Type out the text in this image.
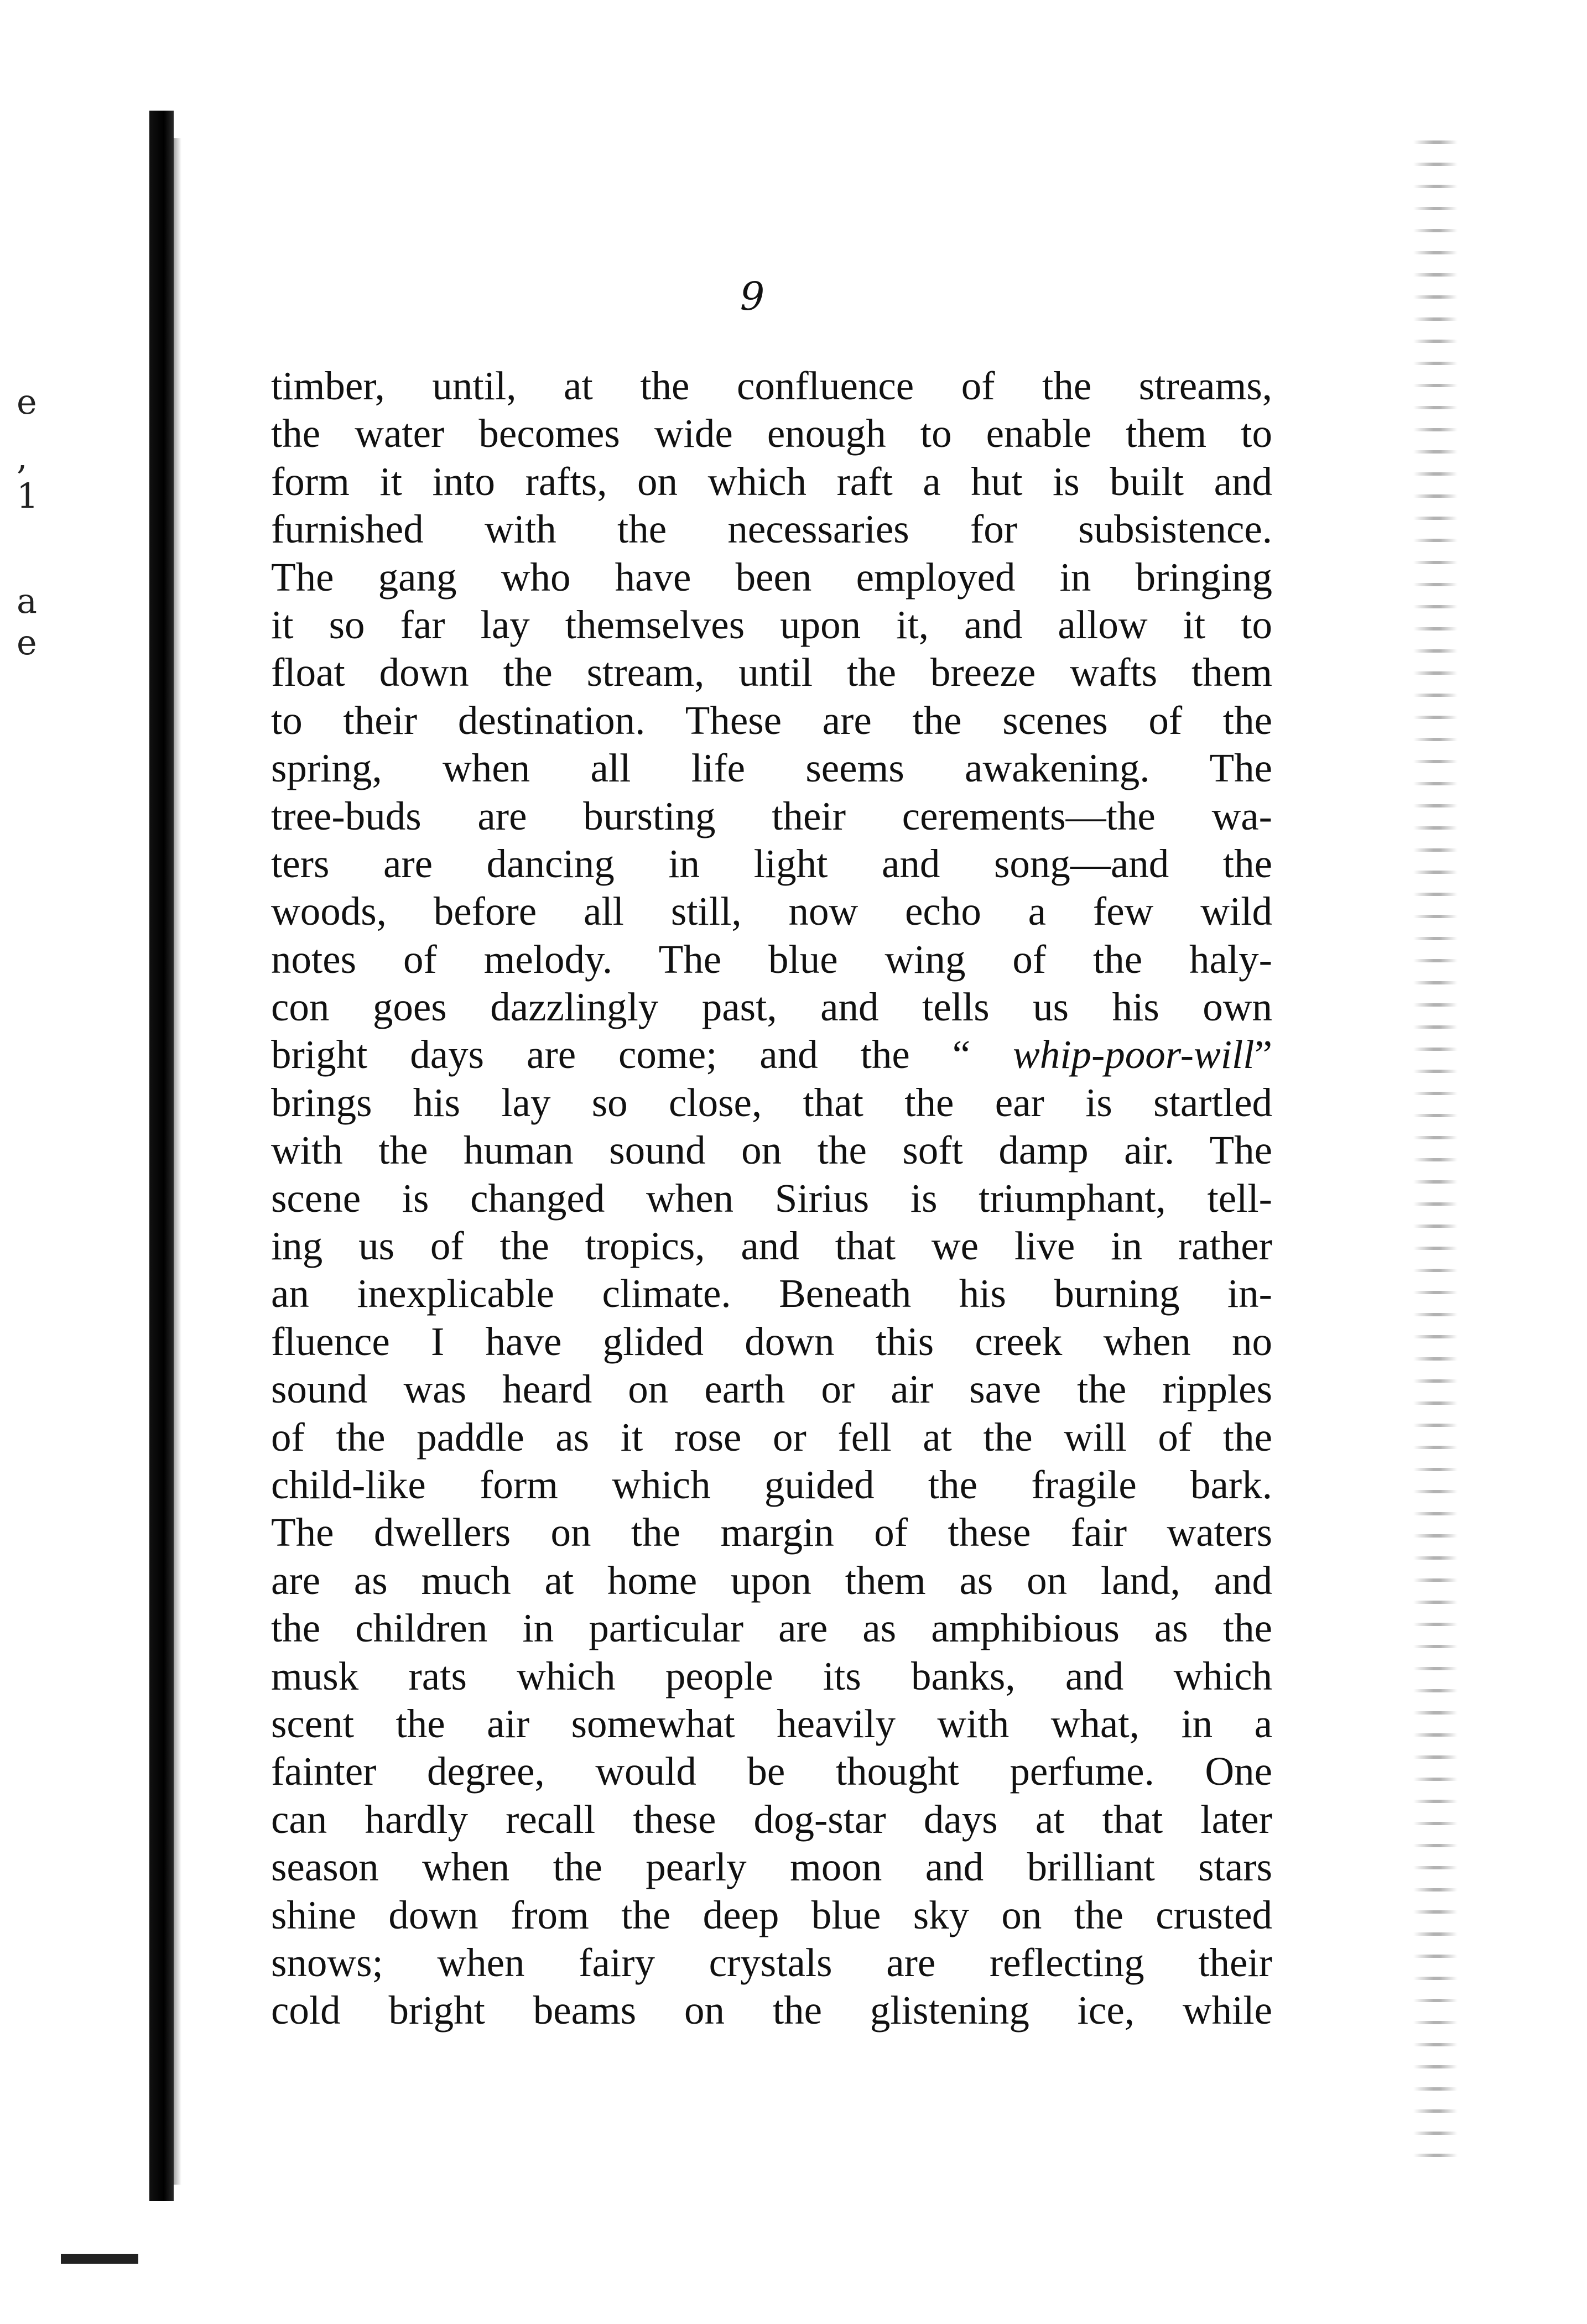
e
,
1
a
e
9
timber, until, at the confluence of the streams,
the water becomes wide enough to enable them to
form it into rafts, on which raft a hut is built and
furnished with the necessaries for subsistence.
The gang who have been employed in bringing
it so far lay themselves upon it, and allow it to
float down the stream, until the breeze wafts them
to their destination. These are the scenes of the
spring, when all life seems awakening. The
tree-buds are bursting their cerements—the wa-
ters are dancing in light and song—and the
woods, before all still, now echo a few wild
notes of melody. The blue wing of the haly-
con goes dazzlingly past, and tells us his own
bright days are come; and the “ whip-poor-will”
brings his lay so close, that the ear is startled
with the human sound on the soft damp air. The
scene is changed when Sirius is triumphant, tell-
ing us of the tropics, and that we live in rather
an inexplicable climate. Beneath his burning in-
fluence I have glided down this creek when no
sound was heard on earth or air save the ripples
of the paddle as it rose or fell at the will of the
child-like form which guided the fragile bark.
The dwellers on the margin of these fair waters
are as much at home upon them as on land, and
the children in particular are as amphibious as the
musk rats which people its banks, and which
scent the air somewhat heavily with what, in a
fainter degree, would be thought perfume. One
can hardly recall these dog-star days at that later
season when the pearly moon and brilliant stars
shine down from the deep blue sky on the crusted
snows; when fairy crystals are reflecting their
cold bright beams on the glistening ice, while
